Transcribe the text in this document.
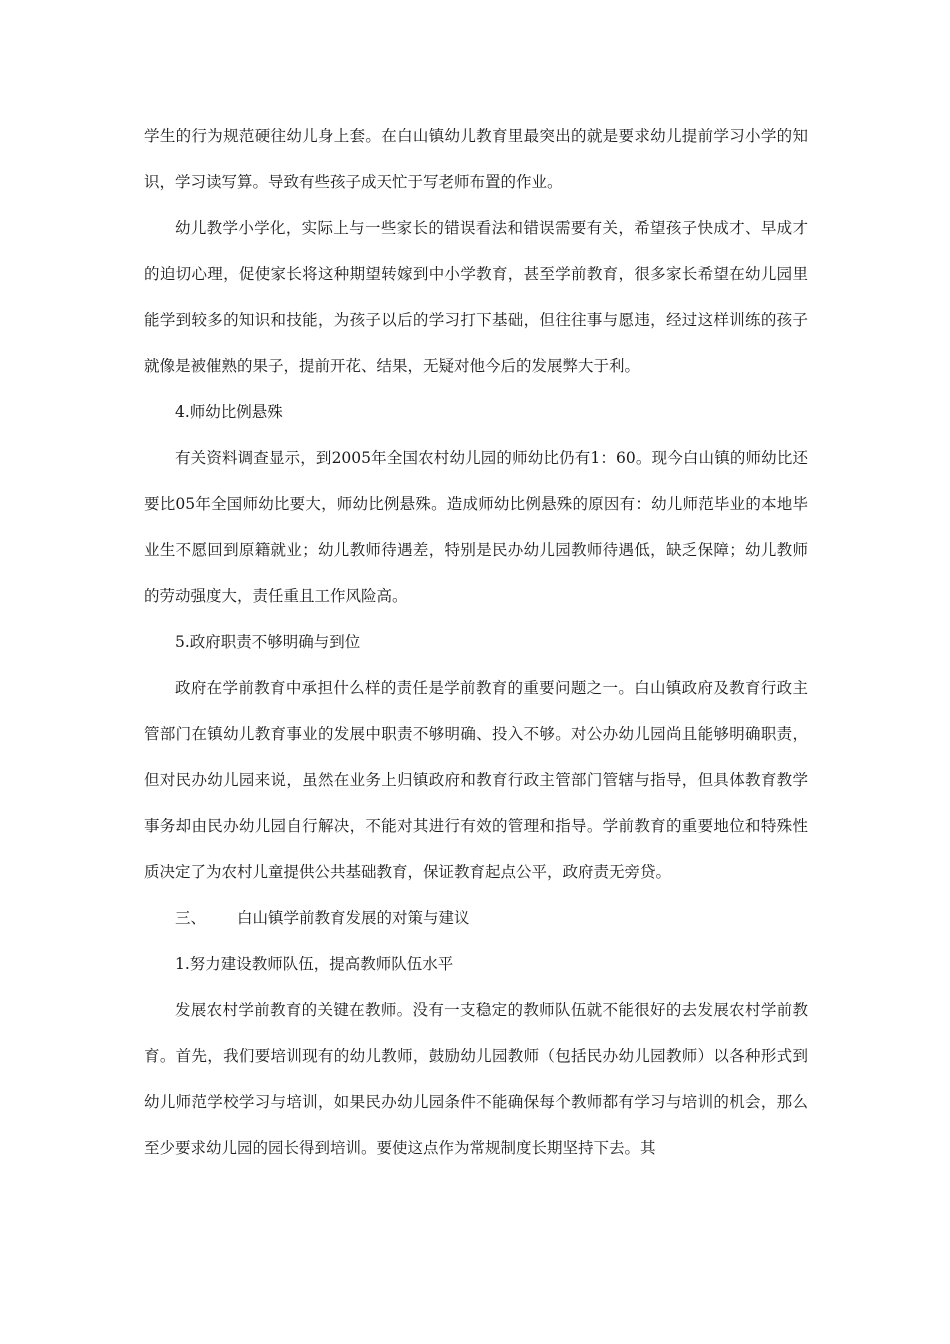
学生的行为规范硬往幼儿身上套。在白山镇幼儿教育里最突出的就是要求幼儿提前学习小学的知识，学习读写算。导致有些孩子成天忙于写老师布置的作业。

幼儿教学小学化，实际上与一些家长的错误看法和错误需要有关，希望孩子快成才、早成才的迫切心理，促使家长将这种期望转嫁到中小学教育，甚至学前教育，很多家长希望在幼儿园里能学到较多的知识和技能，为孩子以后的学习打下基础，但往往事与愿违，经过这样训练的孩子就像是被催熟的果子，提前开花、结果，无疑对他今后的发展弊大于利。

4.师幼比例悬殊

有关资料调查显示，到2005年全国农村幼儿园的师幼比仍有1：60。现今白山镇的师幼比还要比05年全国师幼比要大，师幼比例悬殊。造成师幼比例悬殊的原因有：幼儿师范毕业的本地毕业生不愿回到原籍就业；幼儿教师待遇差，特别是民办幼儿园教师待遇低，缺乏保障；幼儿教师的劳动强度大，责任重且工作风险高。

5.政府职责不够明确与到位

政府在学前教育中承担什么样的责任是学前教育的重要问题之一。白山镇政府及教育行政主管部门在镇幼儿教育事业的发展中职责不够明确、投入不够。对公办幼儿园尚且能够明确职责，但对民办幼儿园来说，虽然在业务上归镇政府和教育行政主管部门管辖与指导，但具体教育教学事务却由民办幼儿园自行解决，不能对其进行有效的管理和指导。学前教育的重要地位和特殊性质决定了为农村儿童提供公共基础教育，保证教育起点公平，政府责无旁贷。

三、	白山镇学前教育发展的对策与建议

1.努力建设教师队伍，提高教师队伍水平

发展农村学前教育的关键在教师。没有一支稳定的教师队伍就不能很好的去发展农村学前教育。首先，我们要培训现有的幼儿教师，鼓励幼儿园教师（包括民办幼儿园教师）以各种形式到幼儿师范学校学习与培训，如果民办幼儿园条件不能确保每个教师都有学习与培训的机会，那么至少要求幼儿园的园长得到培训。要使这点作为常规制度长期坚持下去。其
